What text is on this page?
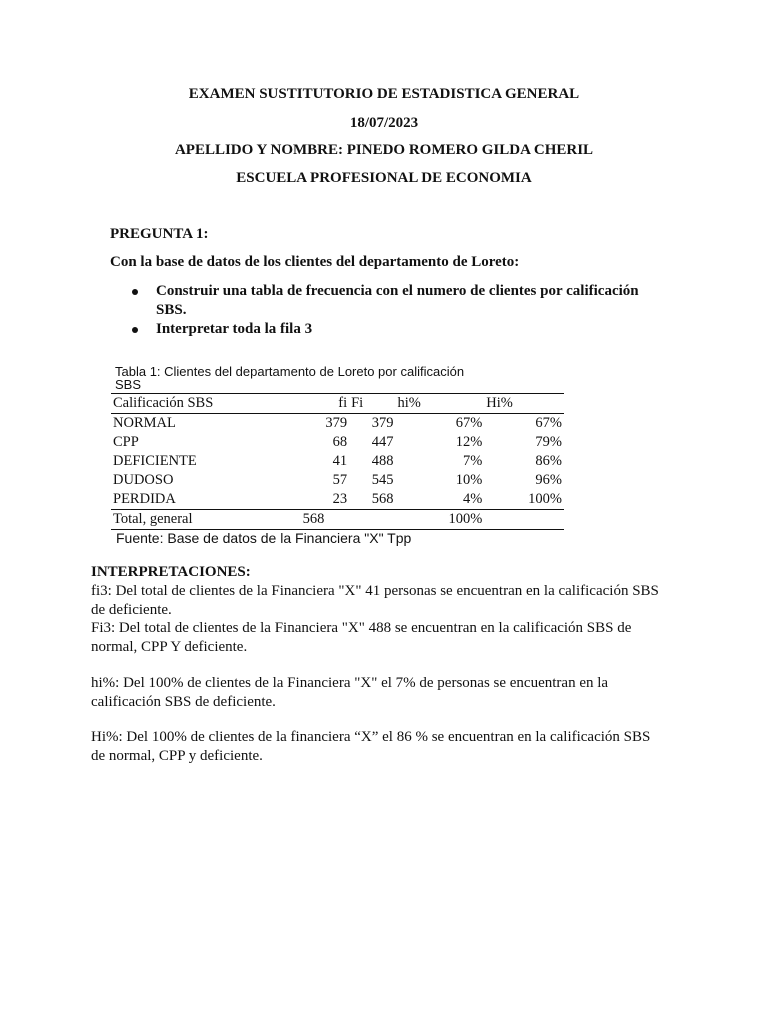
EXAMEN SUSTITUTORIO DE ESTADISTICA GENERAL
18/07/2023
APELLIDO Y NOMBRE: PINEDO ROMERO GILDA CHERIL
ESCUELA PROFESIONAL DE ECONOMIA
PREGUNTA 1:
Con la base de datos de los clientes del departamento de Loreto:
Construir una tabla de frecuencia con el numero de clientes por calificación SBS.
Interpretar toda la fila 3
Tabla 1: Clientes del departamento de Loreto por calificación SBS
Calificación SBS	fi	Fi	hi%	Hi%
NORMAL	379	379	67%	67%
CPP	68	447	12%	79%
DEFICIENTE	41	488	7%	86%
DUDOSO	57	545	10%	96%
PERDIDA	23	568	4%	100%
Total, general	568		100%	
Fuente: Base de datos de la Financiera "X" Tpp
INTERPRETACIONES:
fi3: Del total de clientes de la Financiera "X" 41 personas se encuentran en la calificación SBS de deficiente.
Fi3: Del total de clientes de la Financiera "X" 488 se encuentran en la calificación SBS de normal, CPP Y deficiente.
hi%: Del 100% de clientes de la Financiera "X" el 7% de personas se encuentran en la calificación SBS de deficiente.
Hi%: Del 100% de clientes de la financiera “X” el 86 % se encuentran en la calificación SBS de normal, CPP y deficiente.
